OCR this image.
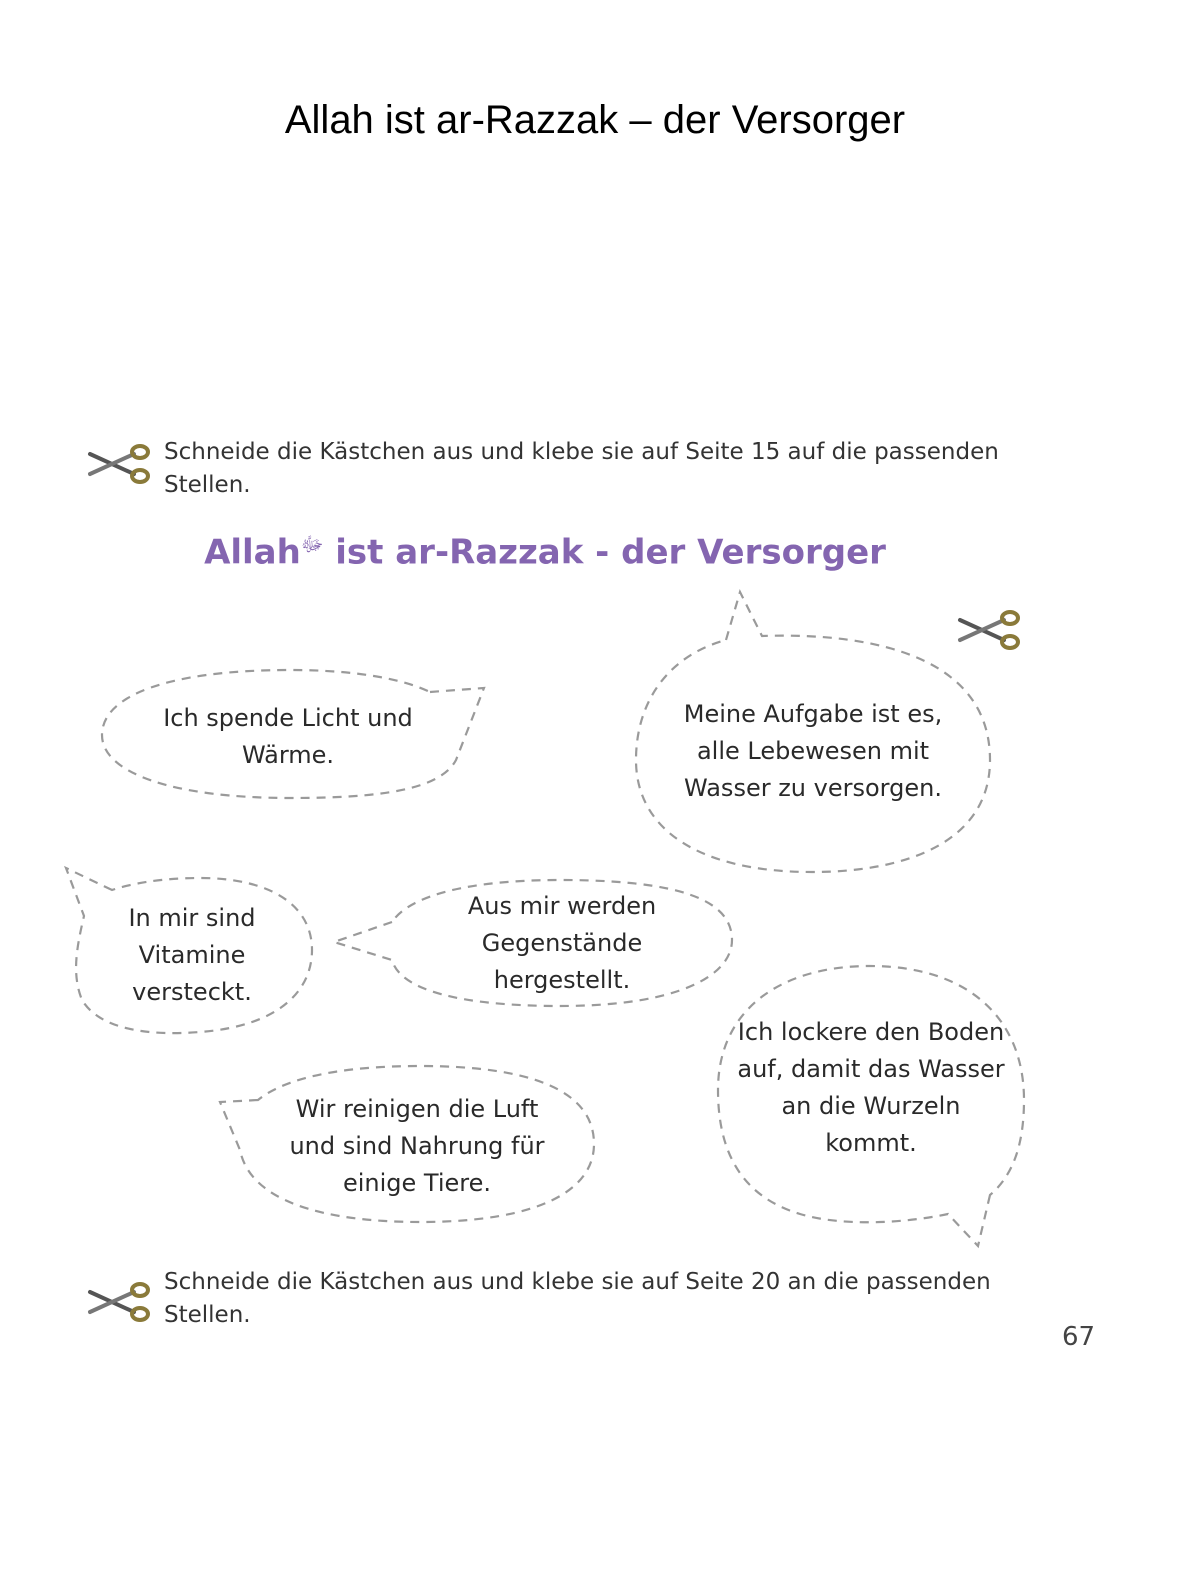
Allah ist ar-Razzak – der Versorger
Schneide die Kästchen aus und klebe sie auf Seite 15 auf die passenden Stellen.
Allah$^ﷻ$ ist ar-Razzak - der Versorger
Ich spende Licht und Wärme.
Meine Aufgabe ist es, alle Lebewesen mit Wasser zu versorgen.
In mir sind Vitamine versteckt.
Aus mir werden Gegenstände hergestellt.
Ich lockere den Boden auf, damit das Wasser an die Wurzeln kommt.
Wir reinigen die Luft und sind Nahrung für einige Tiere.
Schneide die Kästchen aus und klebe sie auf Seite 20 an die passenden Stellen.
67
